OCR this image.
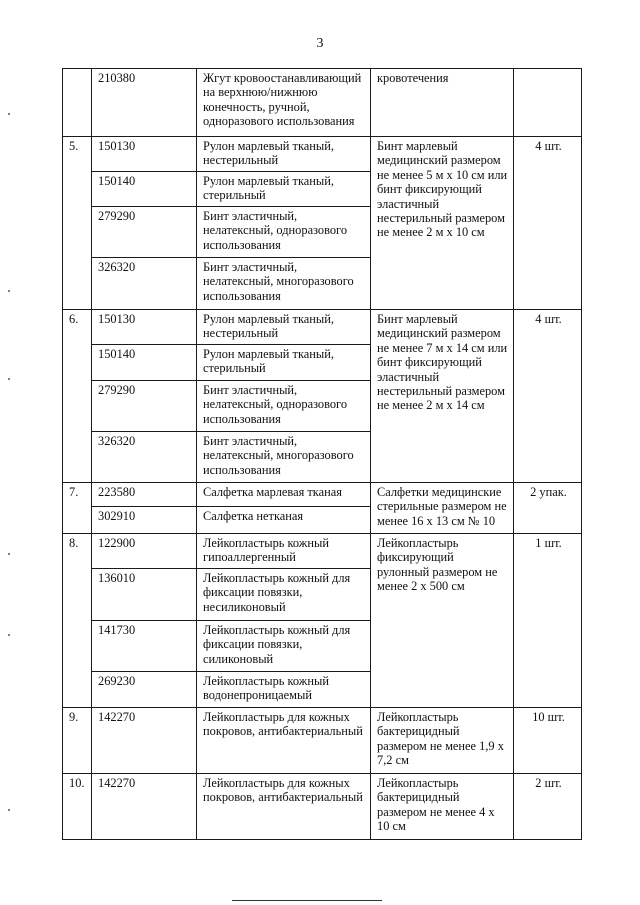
3
	210380	Жгут кровоостанавливающий на верхнюю/нижнюю конечность, ручной, одноразового использования	кровотечения	
5.	150130	Рулон марлевый тканый, нестерильный	Бинт марлевый медицинский размером не менее 5 м х 10 см или бинт фиксирующий эластичный нестерильный размером не менее 2 м х 10 см	4 шт.
	150140	Рулон марлевый тканый, стерильный		
	279290	Бинт эластичный, нелатексный, одноразового использования		
	326320	Бинт эластичный, нелатексный, многоразового использования		
6.	150130	Рулон марлевый тканый, нестерильный	Бинт марлевый медицинский размером не менее 7 м х 14 см или бинт фиксирующий эластичный нестерильный размером не менее 2 м х 14 см	4 шт.
	150140	Рулон марлевый тканый, стерильный		
	279290	Бинт эластичный, нелатексный, одноразового использования		
	326320	Бинт эластичный, нелатексный, многоразового использования		
7.	223580	Салфетка марлевая тканая	Салфетки медицинские стерильные размером не менее 16 х 13 см № 10	2 упак.
	302910	Салфетка нетканая		
8.	122900	Лейкопластырь кожный гипоаллергенный	Лейкопластырь фиксирующий рулонный размером не менее 2 х 500 см	1 шт.
	136010	Лейкопластырь кожный для фиксации повязки, несиликоновый		
	141730	Лейкопластырь кожный для фиксации повязки, силиконовый		
	269230	Лейкопластырь кожный водонепроницаемый		
9.	142270	Лейкопластырь для кожных покровов, антибактериальный	Лейкопластырь бактерицидный размером не менее 1,9 х 7,2 см	10 шт.
10.	142270	Лейкопластырь для кожных покровов, антибактериальный	Лейкопластырь бактерицидный размером не менее 4 х 10 см	2 шт.
